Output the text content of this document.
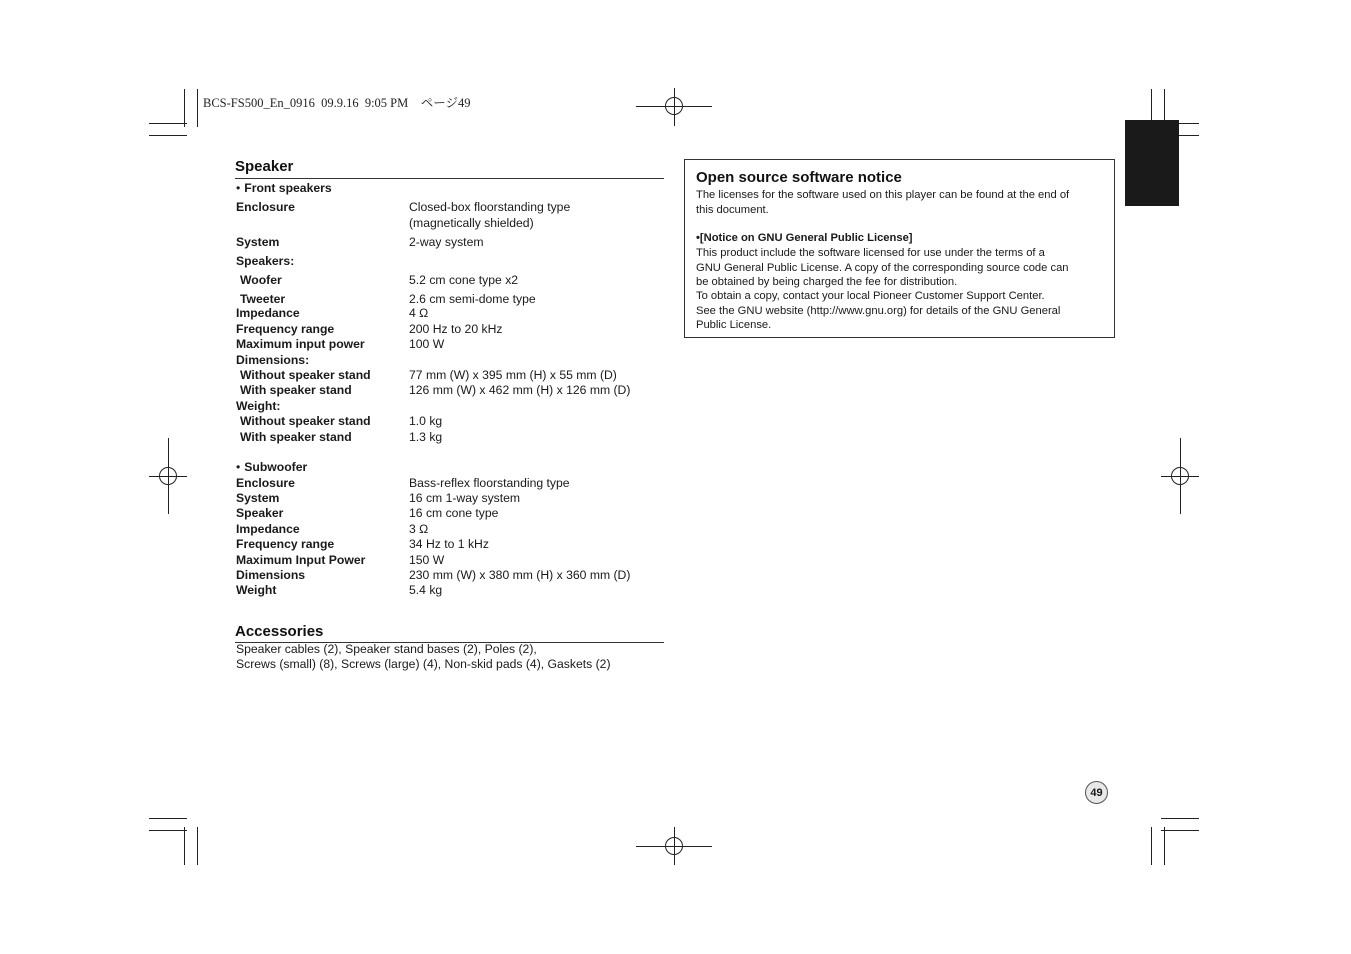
BCS-FS500_En_0916  09.9.16  9:05 PM    ページ49
Speaker
• Front speakers
Enclosure	Closed-box floorstanding type
(magnetically shielded)
System	2-way system
Speakers:
Woofer	5.2 cm cone type x2
Tweeter	2.6 cm semi-dome type
Impedance	4 Ω
Frequency range	200 Hz to 20 kHz
Maximum input power	100 W
Dimensions:
Without speaker stand	77 mm (W) x 395 mm (H) x 55 mm (D)
With speaker stand	126 mm (W) x 462 mm (H) x 126 mm (D)
Weight:
Without speaker stand	1.0 kg
With speaker stand	1.3 kg
• Subwoofer
Enclosure	Bass-reflex floorstanding type
System	16 cm 1-way system
Speaker	16 cm cone type
Impedance	3 Ω
Frequency range	34 Hz to 1 kHz
Maximum Input Power	150 W
Dimensions	230 mm (W) x 380 mm (H) x 360 mm (D)
Weight	5.4 kg
Accessories
Speaker cables (2), Speaker stand bases (2), Poles (2),
Screws (small) (8), Screws (large) (4), Non-skid pads (4), Gaskets (2)
Open source software notice
The licenses for the software used on this player can be found at the end of
this document.
•[Notice on GNU General Public License]
This product include the software licensed for use under the terms of a
GNU General Public License. A copy of the corresponding source code can
be obtained by being charged the fee for distribution.
To obtain a copy, contact your local Pioneer Customer Support Center.
See the GNU website (http://www.gnu.org) for details of the GNU General
Public License.
49
